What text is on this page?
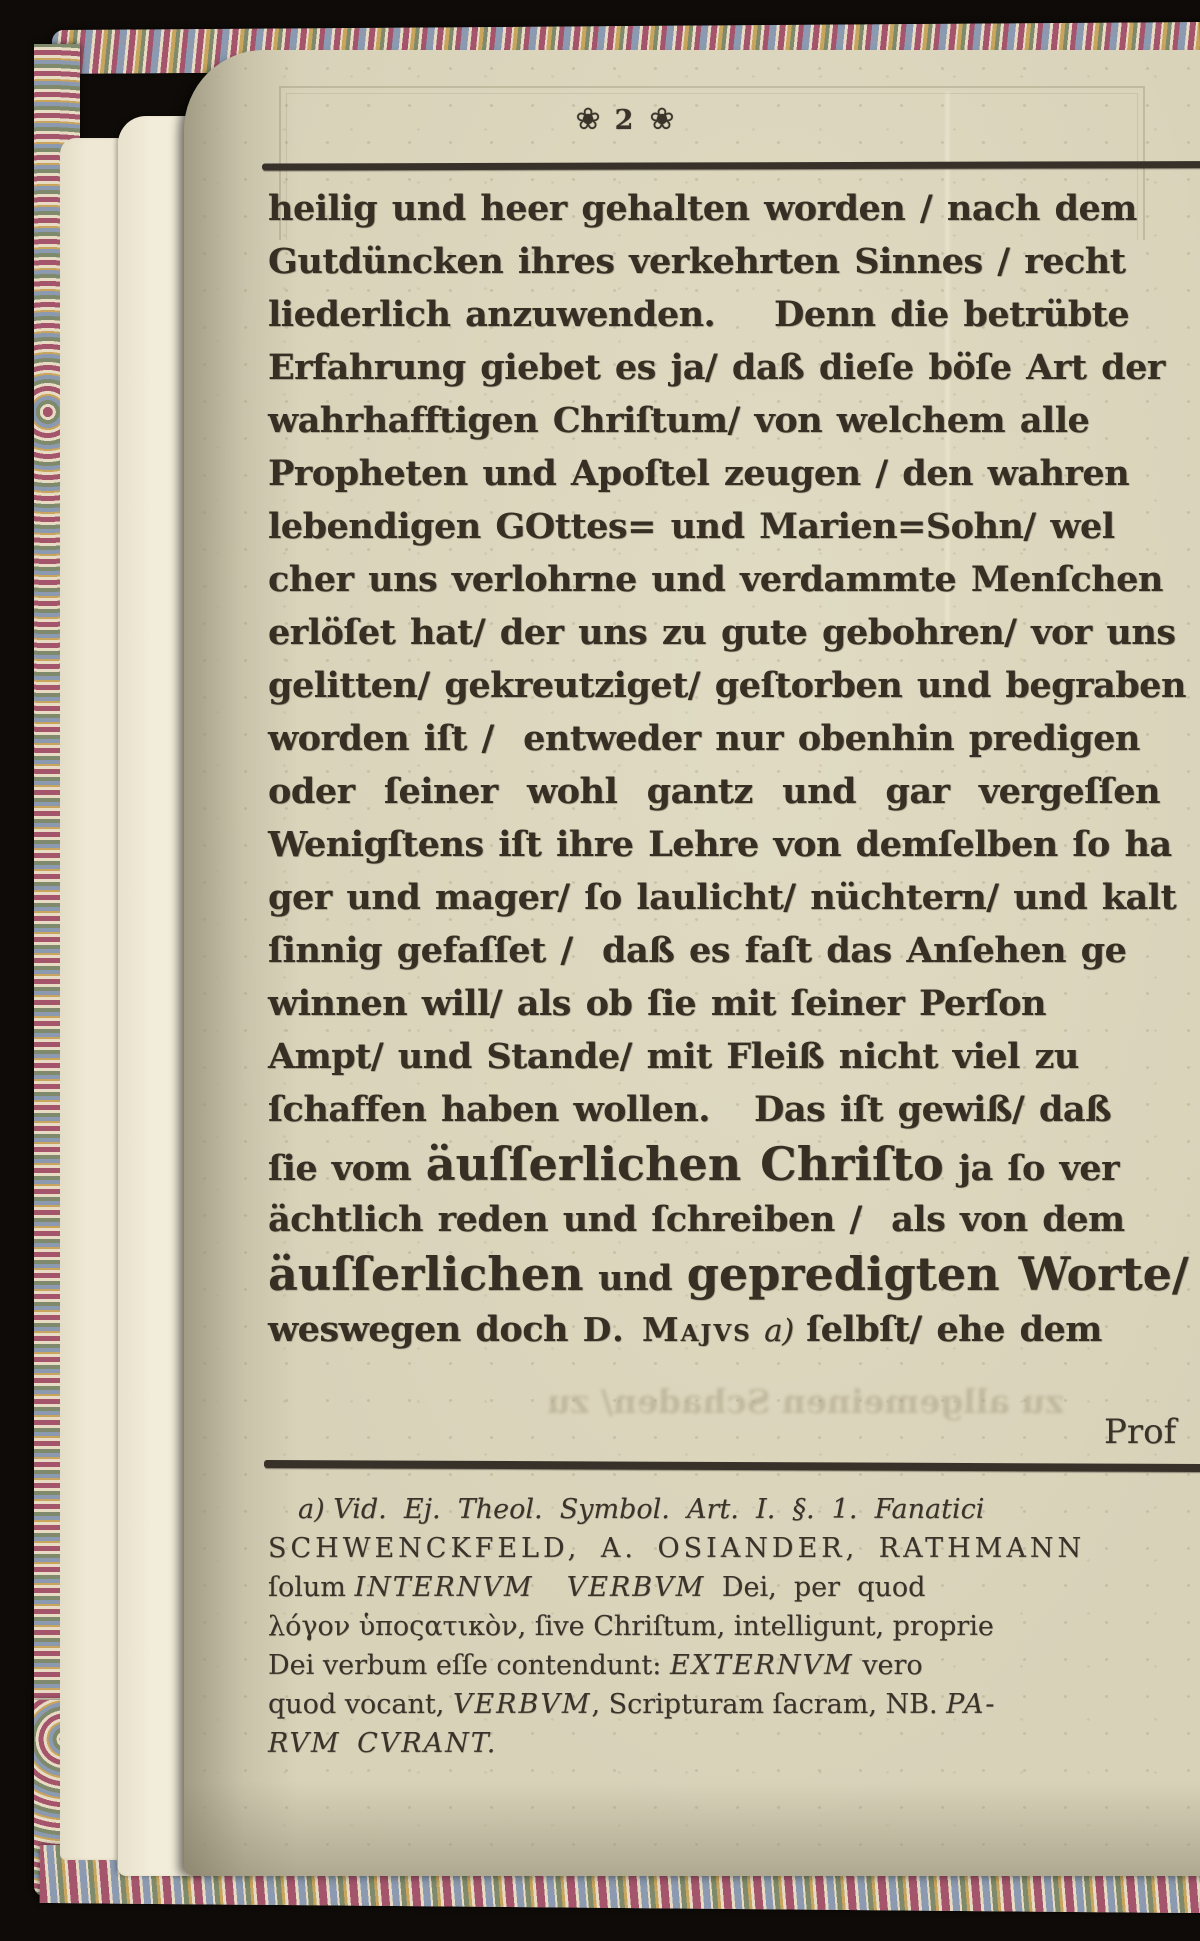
❀ 2 ❀
heilig und heer gehalten worden / nach dem
Gutdüncken ihres verkehrten Sinnes / recht
liederlich anzuwenden.    Denn die betrübte
Erfahrung giebet es ja/ daß dieſe böſe Art der
wahrhafftigen Chriſtum/ von welchem alle
Propheten und Apoſtel zeugen / den wahren
lebendigen GOttes= und Marien=Sohn/ wel
cher uns verlohrne und verdammte Menſchen
erlöſet hat/ der uns zu gute gebohren/ vor uns
gelitten/ gekreutziget/ geſtorben und begraben
worden iſt /  entweder nur obenhin predigen
oder  ſeiner  wohl  gantz  und  gar  vergeſſen
Wenigſtens iſt ihre Lehre von demſelben ſo ha
ger und mager/ ſo laulicht/ nüchtern/ und kalt
ſinnig gefaſſet /  daß es faſt das Anſehen ge
winnen will/ als ob ſie mit ſeiner Perſon
Ampt/ und Stande/ mit Fleiß nicht viel zu
ſchaffen haben wollen.   Das iſt gewiß/ daß
ſie vom äuſſerlichen Chriſto ja ſo ver
ächtlich reden und ſchreiben /  als von dem
äuſſerlichen und gepredigten Worte/
weswegen doch D. Majvs a) ſelbſt/ ehe dem
zu allgemeinen Schaden/ zu
Prof
a) Vid.  Ej.  Theol.  Symbol.  Art.  I.  §.  1.  Fanatici
SCHWENCKFELD, A. OSIANDER, RATHMANN
ſolum INTERNVM  VERBVM Dei,  per  quod
λόγον ὑποςατικὸν, ſive Chriſtum, intelligunt, proprie
Dei verbum eſſe contendunt: EXTERNVM vero
quod vocant, VERBVM, Scripturam ſacram, NB. PA-
RVM CVRANT.
